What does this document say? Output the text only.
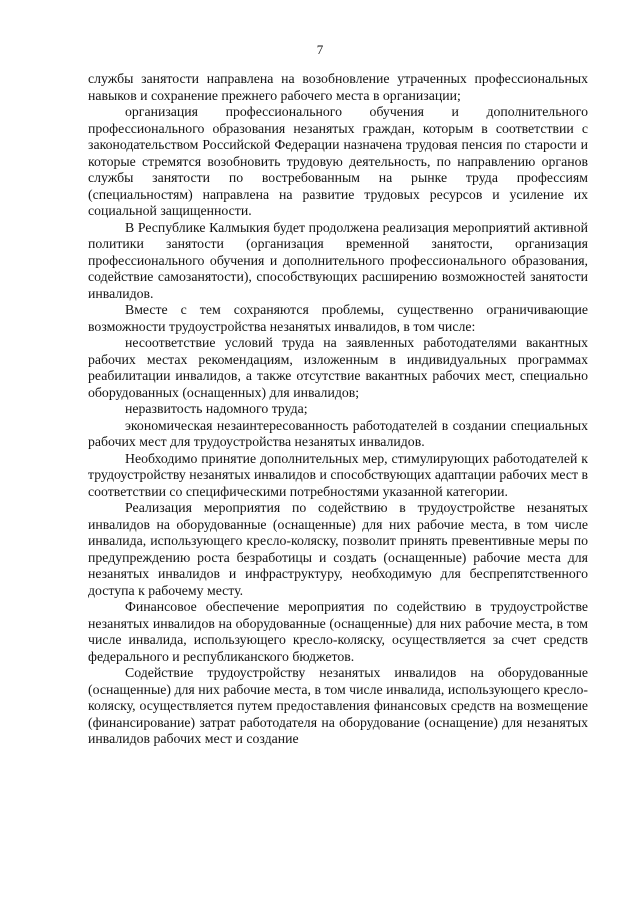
7

службы занятости направлена на возобновление утраченных профессиональных навыков и сохранение прежнего рабочего места в организации;

организация профессионального обучения и дополнительного профессионального образования незанятых граждан, которым в соответствии с законодательством Российской Федерации назначена трудовая пенсия по старости и которые стремятся возобновить трудовую деятельность, по направлению органов службы занятости по востребованным на рынке труда профессиям (специальностям) направлена на развитие трудовых ресурсов и усиление их социальной защищенности.

В Республике Калмыкия будет продолжена реализация мероприятий активной политики занятости (организация временной занятости, организация профессионального обучения и дополнительного профессионального образования, содействие самозанятости), способствующих расширению возможностей занятости инвалидов.

Вместе с тем сохраняются проблемы, существенно ограничивающие возможности трудоустройства незанятых инвалидов, в том числе:

несоответствие условий труда на заявленных работодателями вакантных рабочих местах рекомендациям, изложенным в индивидуальных программах реабилитации инвалидов, а также отсутствие вакантных рабочих мест, специально оборудованных (оснащенных) для инвалидов;

неразвитость надомного труда;

экономическая незаинтересованность работодателей в создании специальных рабочих мест для трудоустройства незанятых инвалидов.

Необходимо принятие дополнительных мер, стимулирующих работодателей к трудоустройству незанятых инвалидов и способствующих адаптации рабочих мест в соответствии со специфическими потребностями указанной категории.

Реализация мероприятия по содействию в трудоустройстве незанятых инвалидов на оборудованные (оснащенные) для них рабочие места, в том числе инвалида, использующего кресло-коляску, позволит принять превентивные меры по предупреждению роста безработицы и создать (оснащенные) рабочие места для незанятых инвалидов и инфраструктуру, необходимую для беспрепятственного доступа к рабочему месту.

Финансовое обеспечение мероприятия по содействию в трудоустройстве незанятых инвалидов на оборудованные (оснащенные) для них рабочие места, в том числе инвалида, использующего кресло-коляску, осуществляется за счет средств федерального и республиканского бюджетов.

Содействие трудоустройству незанятых инвалидов на оборудованные (оснащенные) для них рабочие места, в том числе инвалида, использующего кресло-коляску, осуществляется путем предоставления финансовых средств на возмещение (финансирование) затрат работодателя на оборудование (оснащение) для незанятых инвалидов рабочих мест и создание
